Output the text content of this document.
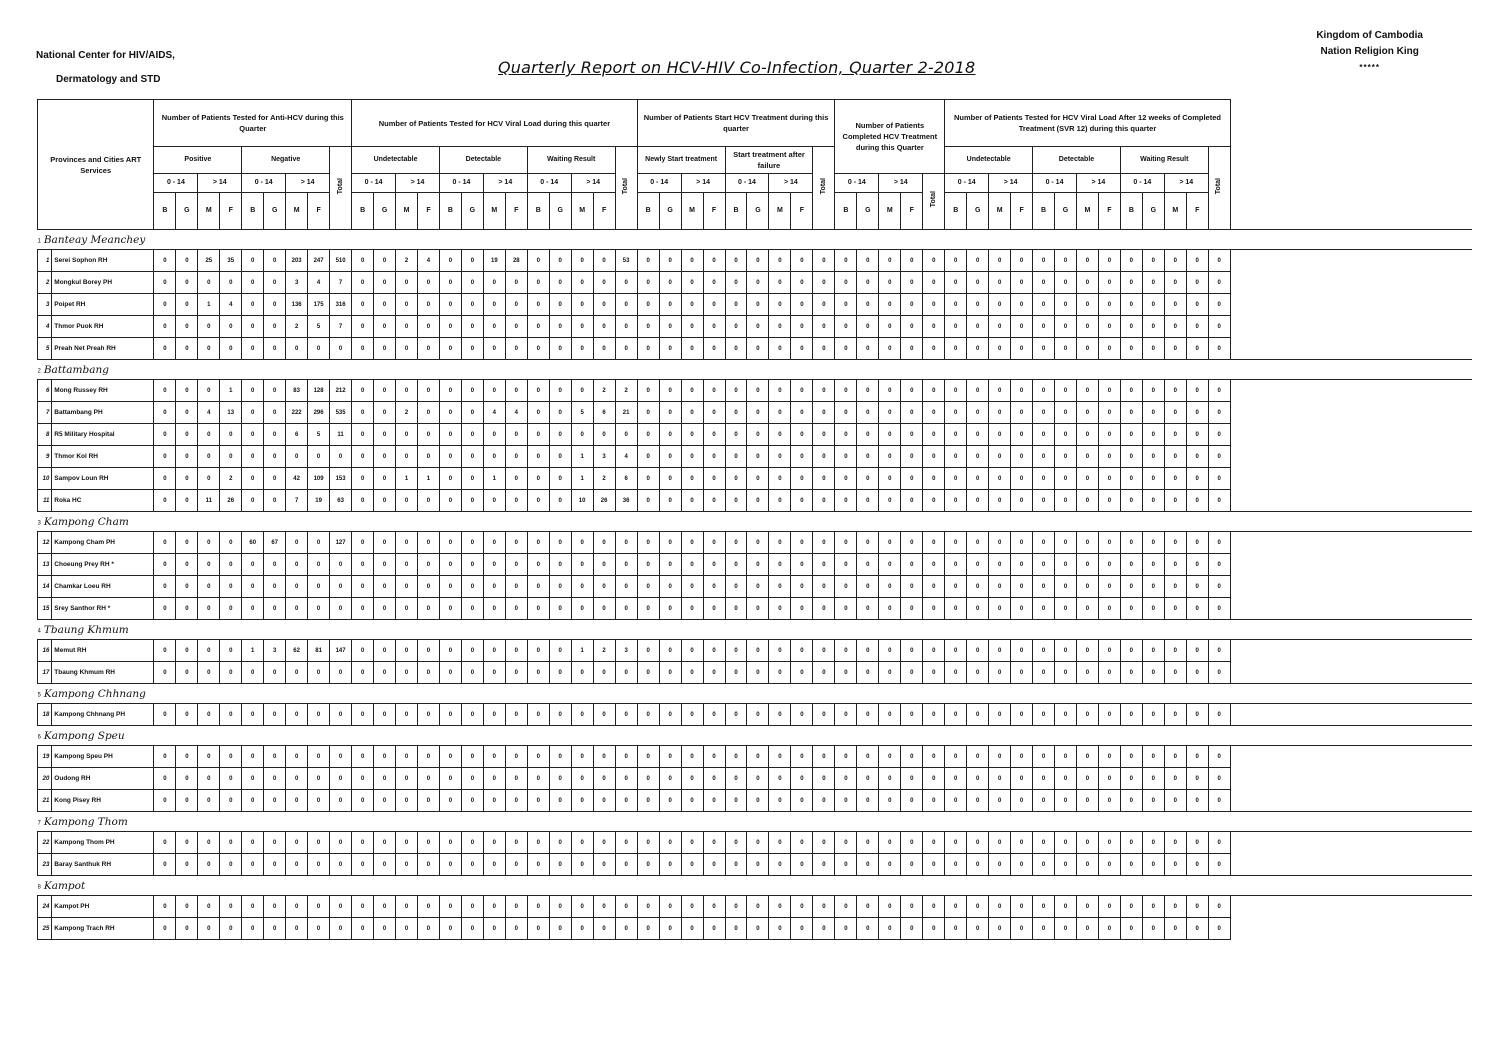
National Center for HIV/AIDS,
Dermatology and STD
Kingdom of Cambodia
Nation Religion King
*****
Quarterly Report on HCV-HIV Co-Infection, Quarter 2-2018
Provinces and Cities ART Services		Number of Patients Tested for Anti-HCV during this Quarter									Number of Patients Tested for HCV Viral Load during this quarter													Number of Patients Start HCV Treatment during this quarter									Number of Patients Completed HCV Treatment during this Quarter					Number of Patients Tested for HCV Viral Load After 12 weeks of Completed Treatment (SVR 12) during this quarter												
		Positive				Negative				Total	Undetectable				Detectable				Waiting Result				Total	Newly Start treatment				Start treatment after failure				Total						Undetectable				Detectable				Waiting Result				Total
		0 - 14		> 14		0 - 14		> 14			0 - 14		> 14		0 - 14		> 14		0 - 14		> 14			0 - 14		> 14		0 - 14		> 14			0 - 14		> 14		Total	0 - 14		> 14		0 - 14		> 14		0 - 14		> 14		
		B	G	M	F	B	G	M	F		B	G	M	F	B	G	M	F	B	G	M	F		B	G	M	F	B	G	M	F		B	G	M	F		B	G	M	F	B	G	M	F	B	G	M	F	
1 Banteay Meanchey																																																		
1	Serei Sophon RH	0	0	25	35	0	0	203	247	510	0	0	2	4	0	0	19	28	0	0	0	0	53	0	0	0	0	0	0	0	0	0	0	0	0	0	0	0	0	0	0	0	0	0	0	0	0	0	0	0
2	Mongkul Borey PH	0	0	0	0	0	0	3	4	7	0	0	0	0	0	0	0	0	0	0	0	0	0	0	0	0	0	0	0	0	0	0	0	0	0	0	0	0	0	0	0	0	0	0	0	0	0	0	0	0
3	Poipet RH	0	0	1	4	0	0	136	175	316	0	0	0	0	0	0	0	0	0	0	0	0	0	0	0	0	0	0	0	0	0	0	0	0	0	0	0	0	0	0	0	0	0	0	0	0	0	0	0	0
4	Thmor Puok RH	0	0	0	0	0	0	2	5	7	0	0	0	0	0	0	0	0	0	0	0	0	0	0	0	0	0	0	0	0	0	0	0	0	0	0	0	0	0	0	0	0	0	0	0	0	0	0	0	0
5	Preah Net Preah RH	0	0	0	0	0	0	0	0	0	0	0	0	0	0	0	0	0	0	0	0	0	0	0	0	0	0	0	0	0	0	0	0	0	0	0	0	0	0	0	0	0	0	0	0	0	0	0	0	0
2 Battambang																																																		
6	Mong Russey RH	0	0	0	1	0	0	83	128	212	0	0	0	0	0	0	0	0	0	0	0	2	2	0	0	0	0	0	0	0	0	0	0	0	0	0	0	0	0	0	0	0	0	0	0	0	0	0	0	0
7	Battambang PH	0	0	4	13	0	0	222	296	535	0	0	2	0	0	0	4	4	0	0	5	6	21	0	0	0	0	0	0	0	0	0	0	0	0	0	0	0	0	0	0	0	0	0	0	0	0	0	0	0
8	R5 Military Hospital	0	0	0	0	0	0	6	5	11	0	0	0	0	0	0	0	0	0	0	0	0	0	0	0	0	0	0	0	0	0	0	0	0	0	0	0	0	0	0	0	0	0	0	0	0	0	0	0	0
9	Thmor Kol RH	0	0	0	0	0	0	0	0	0	0	0	0	0	0	0	0	0	0	0	1	3	4	0	0	0	0	0	0	0	0	0	0	0	0	0	0	0	0	0	0	0	0	0	0	0	0	0	0	0
10	Sampov Loun RH	0	0	0	2	0	0	42	109	153	0	0	1	1	0	0	1	0	0	0	1	2	6	0	0	0	0	0	0	0	0	0	0	0	0	0	0	0	0	0	0	0	0	0	0	0	0	0	0	0
11	Roka HC	0	0	11	26	0	0	7	19	63	0	0	0	0	0	0	0	0	0	0	10	26	36	0	0	0	0	0	0	0	0	0	0	0	0	0	0	0	0	0	0	0	0	0	0	0	0	0	0	0
3 Kampong Cham																																																		
12	Kampong Cham PH	0	0	0	0	60	67	0	0	127	0	0	0	0	0	0	0	0	0	0	0	0	0	0	0	0	0	0	0	0	0	0	0	0	0	0	0	0	0	0	0	0	0	0	0	0	0	0	0	0
13	Choeung Prey RH *	0	0	0	0	0	0	0	0	0	0	0	0	0	0	0	0	0	0	0	0	0	0	0	0	0	0	0	0	0	0	0	0	0	0	0	0	0	0	0	0	0	0	0	0	0	0	0	0	0
14	Chamkar Loeu RH	0	0	0	0	0	0	0	0	0	0	0	0	0	0	0	0	0	0	0	0	0	0	0	0	0	0	0	0	0	0	0	0	0	0	0	0	0	0	0	0	0	0	0	0	0	0	0	0	0
15	Srey Santhor RH *	0	0	0	0	0	0	0	0	0	0	0	0	0	0	0	0	0	0	0	0	0	0	0	0	0	0	0	0	0	0	0	0	0	0	0	0	0	0	0	0	0	0	0	0	0	0	0	0	0
4 Tbaung Khmum																																																		
16	Memut RH	0	0	0	0	1	3	62	81	147	0	0	0	0	0	0	0	0	0	0	1	2	3	0	0	0	0	0	0	0	0	0	0	0	0	0	0	0	0	0	0	0	0	0	0	0	0	0	0	0
17	Tbaung Khmum RH	0	0	0	0	0	0	0	0	0	0	0	0	0	0	0	0	0	0	0	0	0	0	0	0	0	0	0	0	0	0	0	0	0	0	0	0	0	0	0	0	0	0	0	0	0	0	0	0	0
5 Kampong Chhnang																																																		
18	Kampong Chhnang PH	0	0	0	0	0	0	0	0	0	0	0	0	0	0	0	0	0	0	0	0	0	0	0	0	0	0	0	0	0	0	0	0	0	0	0	0	0	0	0	0	0	0	0	0	0	0	0	0	0
6 Kampong Speu																																																		
19	Kampong Speu PH	0	0	0	0	0	0	0	0	0	0	0	0	0	0	0	0	0	0	0	0	0	0	0	0	0	0	0	0	0	0	0	0	0	0	0	0	0	0	0	0	0	0	0	0	0	0	0	0	0
20	Oudong RH	0	0	0	0	0	0	0	0	0	0	0	0	0	0	0	0	0	0	0	0	0	0	0	0	0	0	0	0	0	0	0	0	0	0	0	0	0	0	0	0	0	0	0	0	0	0	0	0	0
21	Kong Pisey RH	0	0	0	0	0	0	0	0	0	0	0	0	0	0	0	0	0	0	0	0	0	0	0	0	0	0	0	0	0	0	0	0	0	0	0	0	0	0	0	0	0	0	0	0	0	0	0	0	0
7 Kampong Thom																																																		
22	Kampong Thom PH	0	0	0	0	0	0	0	0	0	0	0	0	0	0	0	0	0	0	0	0	0	0	0	0	0	0	0	0	0	0	0	0	0	0	0	0	0	0	0	0	0	0	0	0	0	0	0	0	0
23	Baray Santhuk RH	0	0	0	0	0	0	0	0	0	0	0	0	0	0	0	0	0	0	0	0	0	0	0	0	0	0	0	0	0	0	0	0	0	0	0	0	0	0	0	0	0	0	0	0	0	0	0	0	0
8 Kampot																																																		
24	Kampot PH	0	0	0	0	0	0	0	0	0	0	0	0	0	0	0	0	0	0	0	0	0	0	0	0	0	0	0	0	0	0	0	0	0	0	0	0	0	0	0	0	0	0	0	0	0	0	0	0	0
25	Kampong Trach RH	0	0	0	0	0	0	0	0	0	0	0	0	0	0	0	0	0	0	0	0	0	0	0	0	0	0	0	0	0	0	0	0	0	0	0	0	0	0	0	0	0	0	0	0	0	0	0	0	0
